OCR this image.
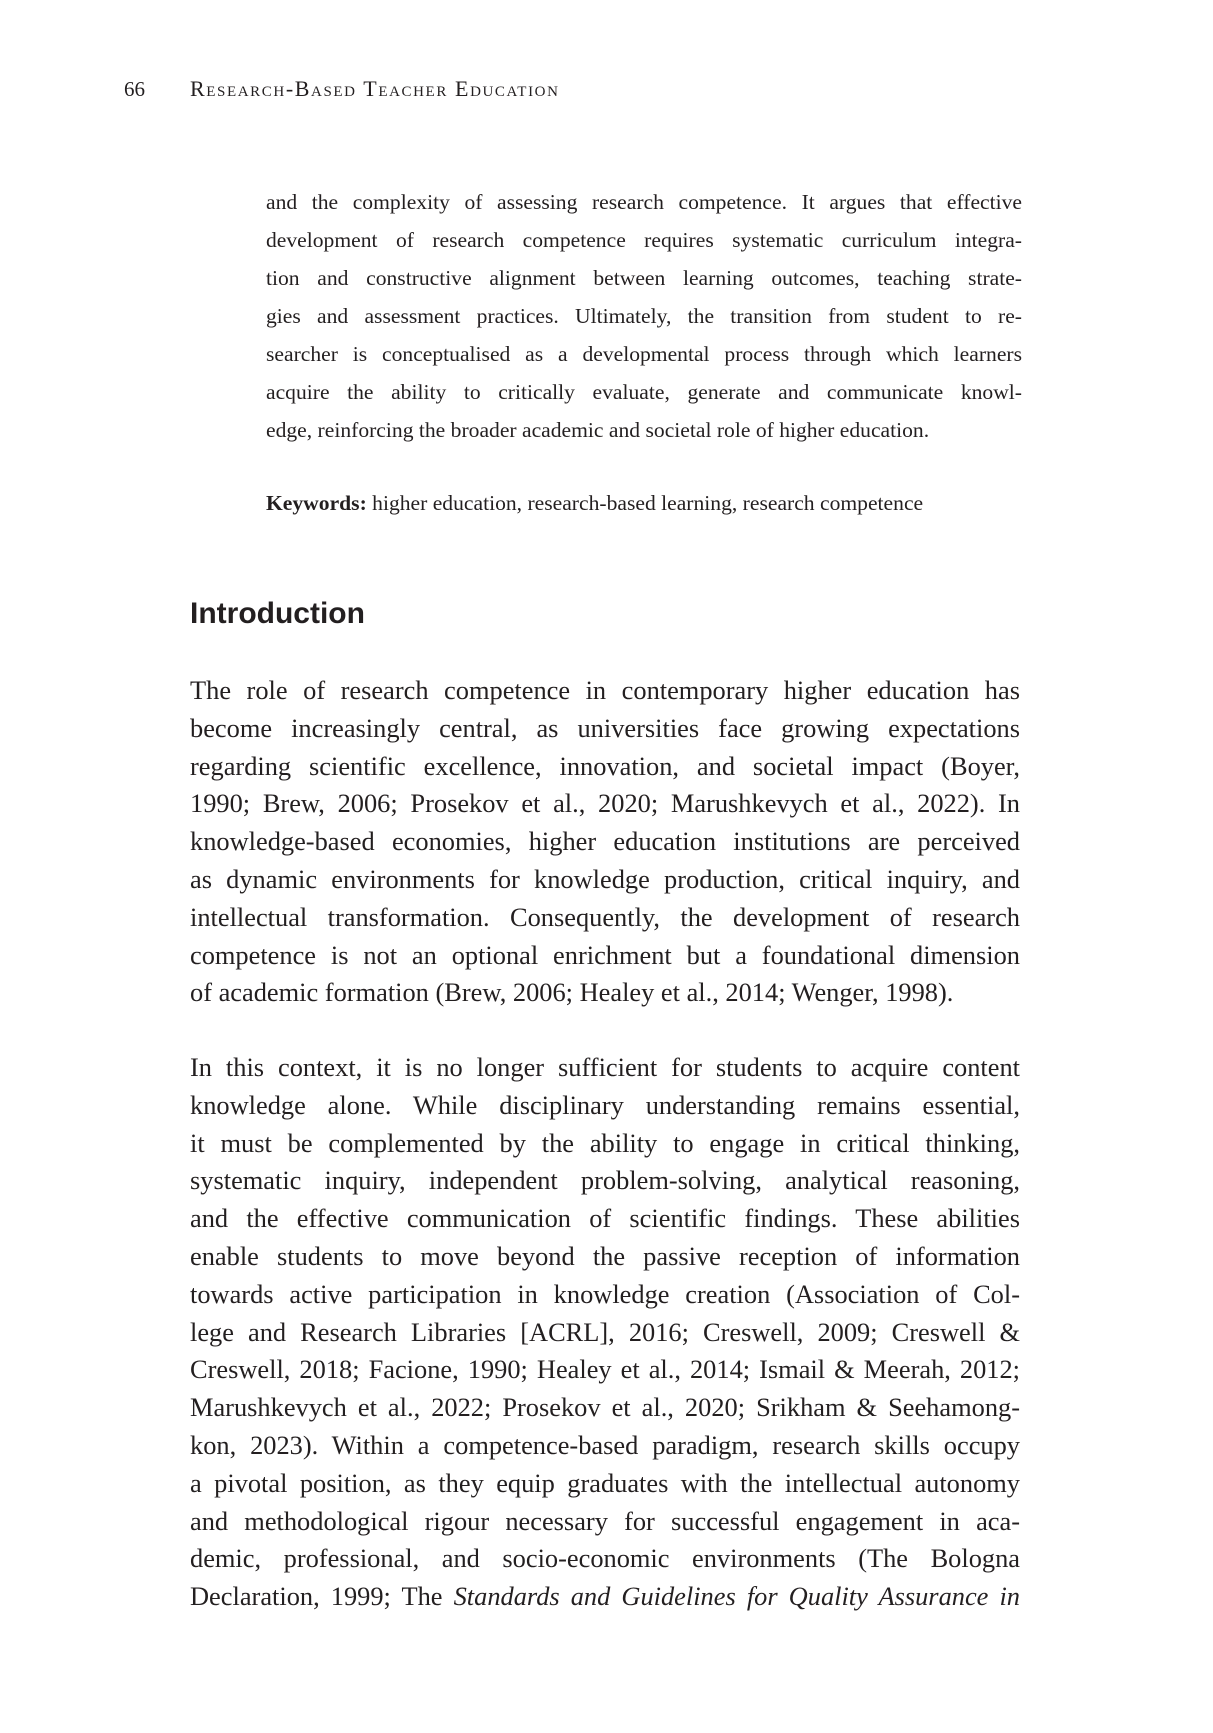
66	Research-Based Teacher Education

and the complexity of assessing research competence. It argues that effective
development of research competence requires systematic curriculum integra-
tion and constructive alignment between learning outcomes, teaching strate-
gies and assessment practices. Ultimately, the transition from student to re-
searcher is conceptualised as a developmental process through which learners
acquire the ability to critically evaluate, generate and communicate knowl-
edge, reinforcing the broader academic and societal role of higher education.

Keywords: higher education, research-based learning, research competence

Introduction

The role of research competence in contemporary higher education has
become increasingly central, as universities face growing expectations
regarding scientific excellence, innovation, and societal impact (Boyer,
1990; Brew, 2006; Prosekov et al., 2020; Marushkevych et al., 2022). In
knowledge-based economies, higher education institutions are perceived
as dynamic environments for knowledge production, critical inquiry, and
intellectual transformation. Consequently, the development of research
competence is not an optional enrichment but a foundational dimension
of academic formation (Brew, 2006; Healey et al., 2014; Wenger, 1998).

In this context, it is no longer sufficient for students to acquire content
knowledge alone. While disciplinary understanding remains essential,
it must be complemented by the ability to engage in critical thinking,
systematic inquiry, independent problem-solving, analytical reasoning,
and the effective communication of scientific findings. These abilities
enable students to move beyond the passive reception of information
towards active participation in knowledge creation (Association of Col-
lege and Research Libraries [ACRL], 2016; Creswell, 2009; Creswell &
Creswell, 2018; Facione, 1990; Healey et al., 2014; Ismail & Meerah, 2012;
Marushkevych et al., 2022; Prosekov et al., 2020; Srikham & Seehamong-
kon, 2023). Within a competence-based paradigm, research skills occupy
a pivotal position, as they equip graduates with the intellectual autonomy
and methodological rigour necessary for successful engagement in aca-
demic, professional, and socio-economic environments (The Bologna
Declaration, 1999; The Standards and Guidelines for Quality Assurance in
